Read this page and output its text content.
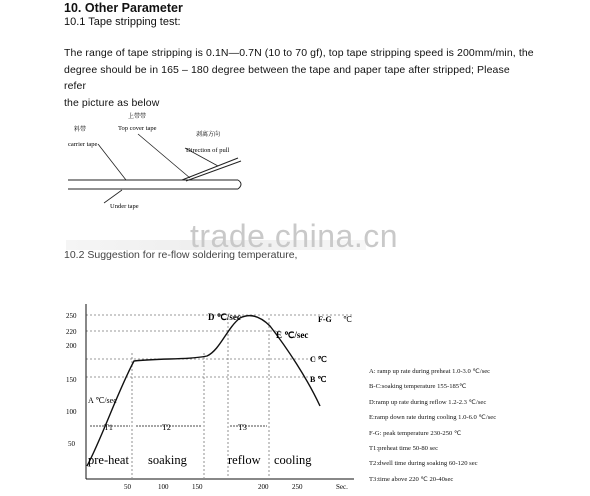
10. Other Parameter
10.1 Tape stripping test:
The range of tape stripping is 0.1N—0.7N (10 to 70 gf), top tape stripping speed is 200mm/min, the
degree should be in 165 – 180 degree between the tape and paper tape after stripped; Please refer
the picture as below
料带
carrier tape
上带带
Top cover tape
剥离方向
Direction of pull
Under tape
trade.china.cn
10.2 Suggestion for re-flow soldering temperature,
250
220
200
150
100
50
50	100	150	200	250	Sec.
A ℃/sec
D ℃/sec
E ℃/sec
F-G ℃
C ℃
B ℃
T1	T2	T3
pre-heat soaking	reflow cooling
A: ramp up rate during preheat 1.0-3.0 ℃/sec
B-C:soaking temperature 155-185℃
D:ramp up rate during reflow 1.2-2.3 ℃/sec
E:ramp down rate during cooling 1.0-6.0 ℃/sec
F-G: peak temperature 230-250 ℃
T1:preheat time 50-80 sec
T2:dwell time during soaking 60-120 sec
T3:time above 220 ℃ 20-40sec
